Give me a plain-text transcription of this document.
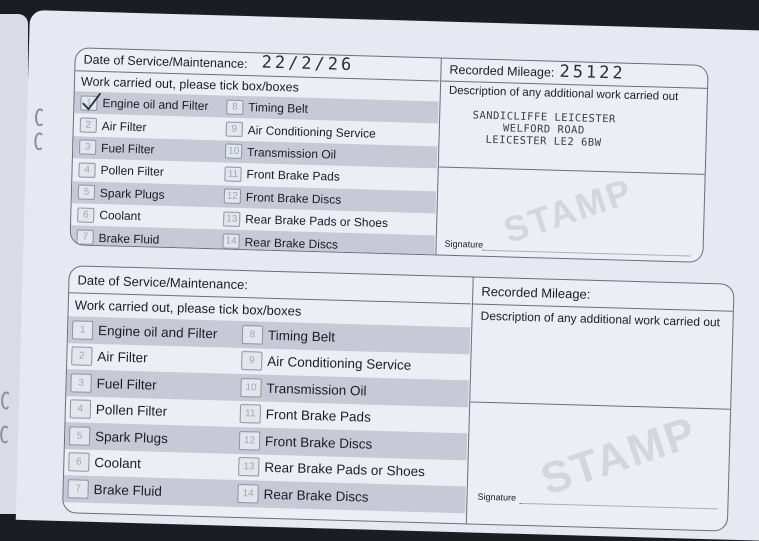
Date of Service/Maintenance: 22/2/26
Work carried out, please tick box/boxes
1 Engine oil and Filter	8 Timing Belt
2 Air Filter	9 Air Conditioning Service
3 Fuel Filter	10 Transmission Oil
4 Pollen Filter	11 Front Brake Pads
5 Spark Plugs	12 Front Brake Discs
6 Coolant	13 Rear Brake Pads or Shoes
7 Brake Fluid	14 Rear Brake Discs
Recorded Mileage: 25122
Description of any additional work carried out
SANDICLIFFE LEICESTER
WELFORD ROAD
LEICESTER LE2 6BW
STAMP
Signature
Date of Service/Maintenance:
Work carried out, please tick box/boxes
1 Engine oil and Filter	8 Timing Belt
2 Air Filter	9 Air Conditioning Service
3 Fuel Filter	10 Transmission Oil
4 Pollen Filter	11 Front Brake Pads
5 Spark Plugs	12 Front Brake Discs
6 Coolant	13 Rear Brake Pads or Shoes
7 Brake Fluid	14 Rear Brake Discs
Recorded Mileage:
Description of any additional work carried out
STAMP
Signature
